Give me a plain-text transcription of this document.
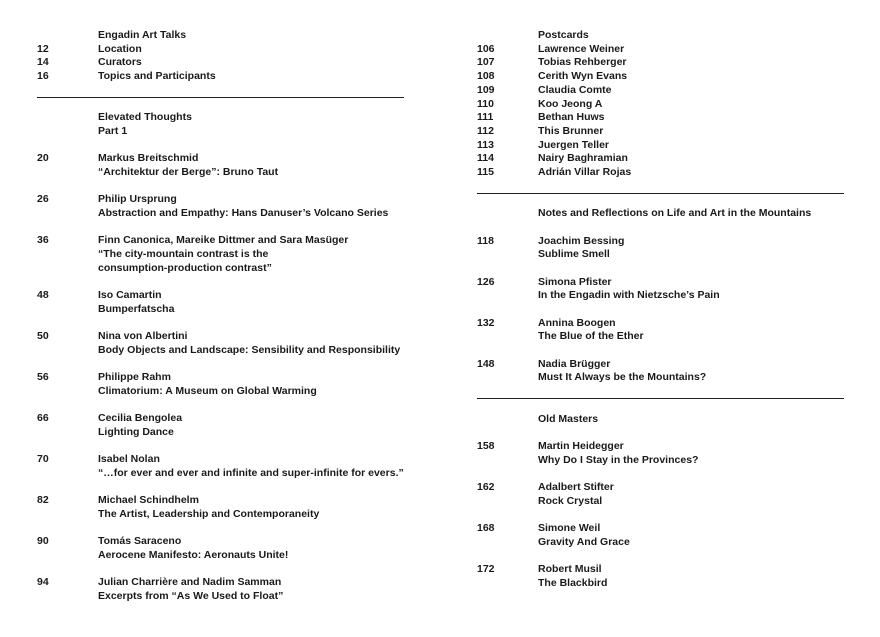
Engadin Art Talks
12	Location
14	Curators
16	Topics and Participants
Elevated Thoughts
Part 1
20	Markus Breitschmid
“Architektur der Berge”: Bruno Taut
26	Philip Ursprung
Abstraction and Empathy: Hans Danuser’s Volcano Series
36	Finn Canonica, Mareike Dittmer and Sara Masüger
“The city-mountain contrast is the
consumption-production contrast”
48	Iso Camartin
Bumperfatscha
50	Nina von Albertini
Body Objects and Landscape: Sensibility and Responsibility
56	Philippe Rahm
Climatorium: A Museum on Global Warming
66	Cecilia Bengolea
Lighting Dance
70	Isabel Nolan
“…for ever and ever and infinite and super-infinite for evers.”
82	Michael Schindhelm
The Artist, Leadership and Contemporaneity
90	Tomás Saraceno
Aerocene Manifesto: Aeronauts Unite!
94	Julian Charrière and Nadim Samman
Excerpts from “As We Used to Float”
Postcards
106	Lawrence Weiner
107	Tobias Rehberger
108	Cerith Wyn Evans
109	Claudia Comte
110	Koo Jeong A
111	Bethan Huws
112	This Brunner
113	Juergen Teller
114	Nairy Baghramian
115	Adrián Villar Rojas
Notes and Reflections on Life and Art in the Mountains
118	Joachim Bessing
Sublime Smell
126	Simona Pfister
In the Engadin with Nietzsche’s Pain
132	Annina Boogen
The Blue of the Ether
148	Nadia Brügger
Must It Always be the Mountains?
Old Masters
158	Martin Heidegger
Why Do I Stay in the Provinces?
162	Adalbert Stifter
Rock Crystal
168	Simone Weil
Gravity And Grace
172	Robert Musil
The Blackbird
